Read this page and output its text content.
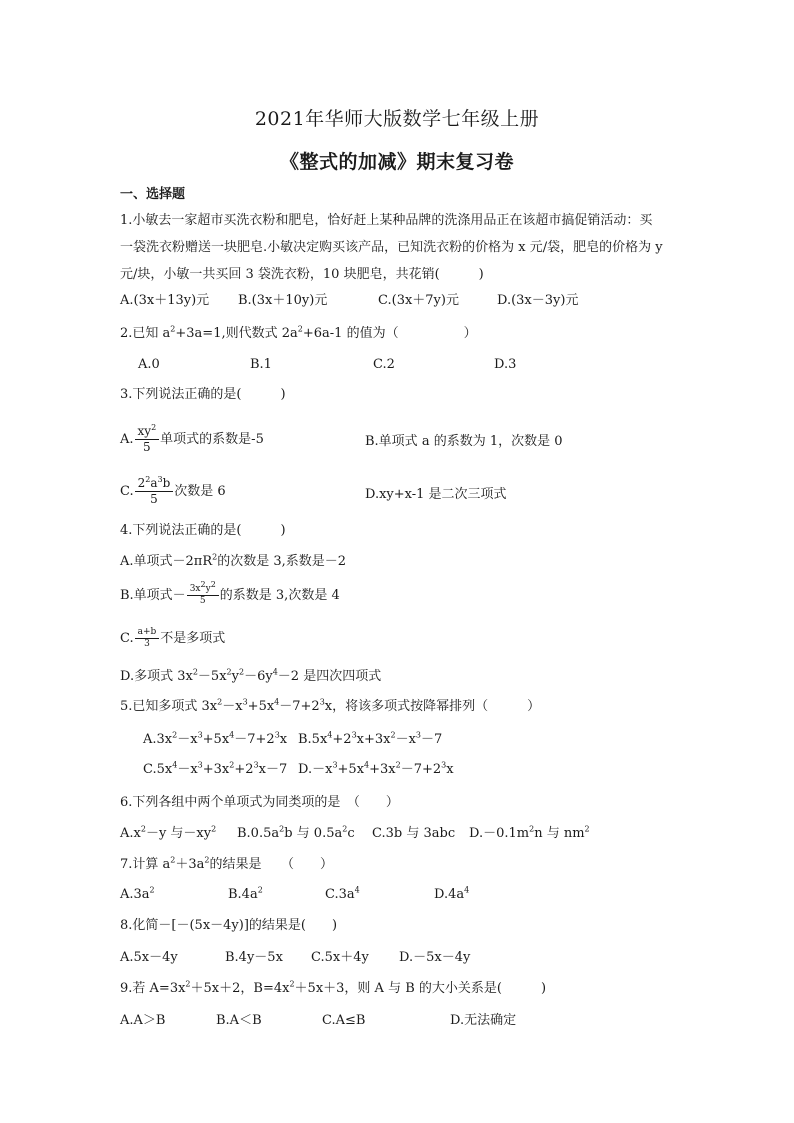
2021年华师大版数学七年级上册
《整式的加减》期末复习卷
一、选择题
1.小敏去一家超市买洗衣粉和肥皂，恰好赶上某种品牌的洗涤用品正在该超市搞促销活动：买
一袋洗衣粉赠送一块肥皂.小敏决定购买该产品，已知洗衣粉的价格为 x 元/袋，肥皂的价格为 y
元/块，小敏一共买回 3 袋洗衣粉，10 块肥皂，共花销(　　　)
A.(3x＋13y)元 B.(3x＋10y)元	C.(3x＋7y)元	D.(3x－3y)元
2.已知 $a^2+3a=1$,则代数式 $2a^2+6a-1$ 的值为（　　　　　）
A.0	B.1	C.2	D.3
3.下列说法正确的是(　　　)
A. $\frac{xy^2}{5}$ 单项式的系数是-5	B.单项式 a 的系数为 1，次数是 0
C. $\frac{2^2a^3b}{5}$ 次数是 6	D.xy+x-1 是二次三项式
4.下列说法正确的是(　　　)
A.单项式$-2\pi R^2$的次数是 3,系数是－2
B.单项式－ $\frac{3x^2y^2}{5}$ 的系数是 3,次数是 4
C. $\frac{a+b}{3}$ 不是多项式
D.多项式 $3x^2-5x^2y^2-6y^4-2$ 是四次四项式
5.已知多项式 $3x^2-x^3+5x^4-7+2^3x$，将该多项式按降幂排列（　　　）
$A.3x^2-x^3+5x^4-7+2^3x$ $B.5x^4+2^3x+3x^2-x^3-7$
$C.5x^4-x^3+3x^2+2^3x-7$ $D.-x^3+5x^4+3x^2-7+2^3x$
6.下列各组中两个单项式为同类项的是　（　　）
$A.x^2-y$ 与$-xy^2$ $B.0.5a^2b$ 与 $0.5a^2c$ C.3b 与 3abc $D.-0.1m^2n$ 与 $nm^2$
7.计算 $a^2+3a^2$的结果是　　（　　）
$A.3a^2$	$B.4a^2$	$C.3a^4$	$D.4a^4$
8.化简－[－(5x－4y)]的结果是(　　)
A.5x－4y	B.4y－5x C.5x＋4y D.－5x－4y
9.若 $A=3x^2+5x+2$，$B=4x^2+5x+3$，则 A 与 B 的大小关系是(　　　)
A.A＞B	B.A＜B	C.A≤B	D.无法确定
